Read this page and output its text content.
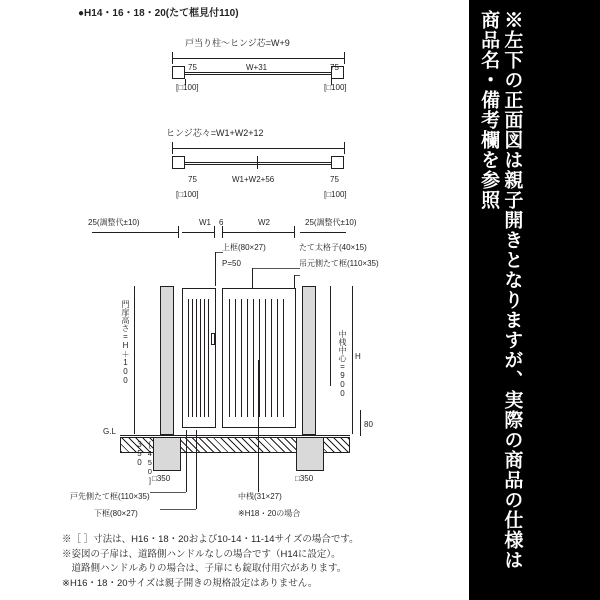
●H14・16・18・20(たて框見付110)
戸当り柱～ヒンジ芯=W+9
75	75
W+31
[□100]	[□100]
ヒンジ芯々=W1+W2+12
75	75
W1+W2+56
[□100]	[□100]
25(調整代±10)	W1 6	W2	25(調整代±10)
上框(80×27)
P=50
たて太格子(40×15)
吊元側たて框(110×35)
門扉高さ=H＋100	中桟中心=900 H
G.L
350 [450]
□350	□350
80
戸先側たて框(110×35)
下框(80×27)
中桟(31×27)
※H18・20の場合
※［ ］寸法は、H16・18・20および10-14・11-14サイズの場合です。
※姿図の子扉は、道路側ハンドルなしの場合です（H14に設定）。
　道路側ハンドルありの場合は、子扉にも錠取付用穴があります。
※H16・18・20サイズは親子開きの規格設定はありません。
※左下の正面図は親子開きとなりますが、実際の商品の仕様は商品名・備考欄を参照
